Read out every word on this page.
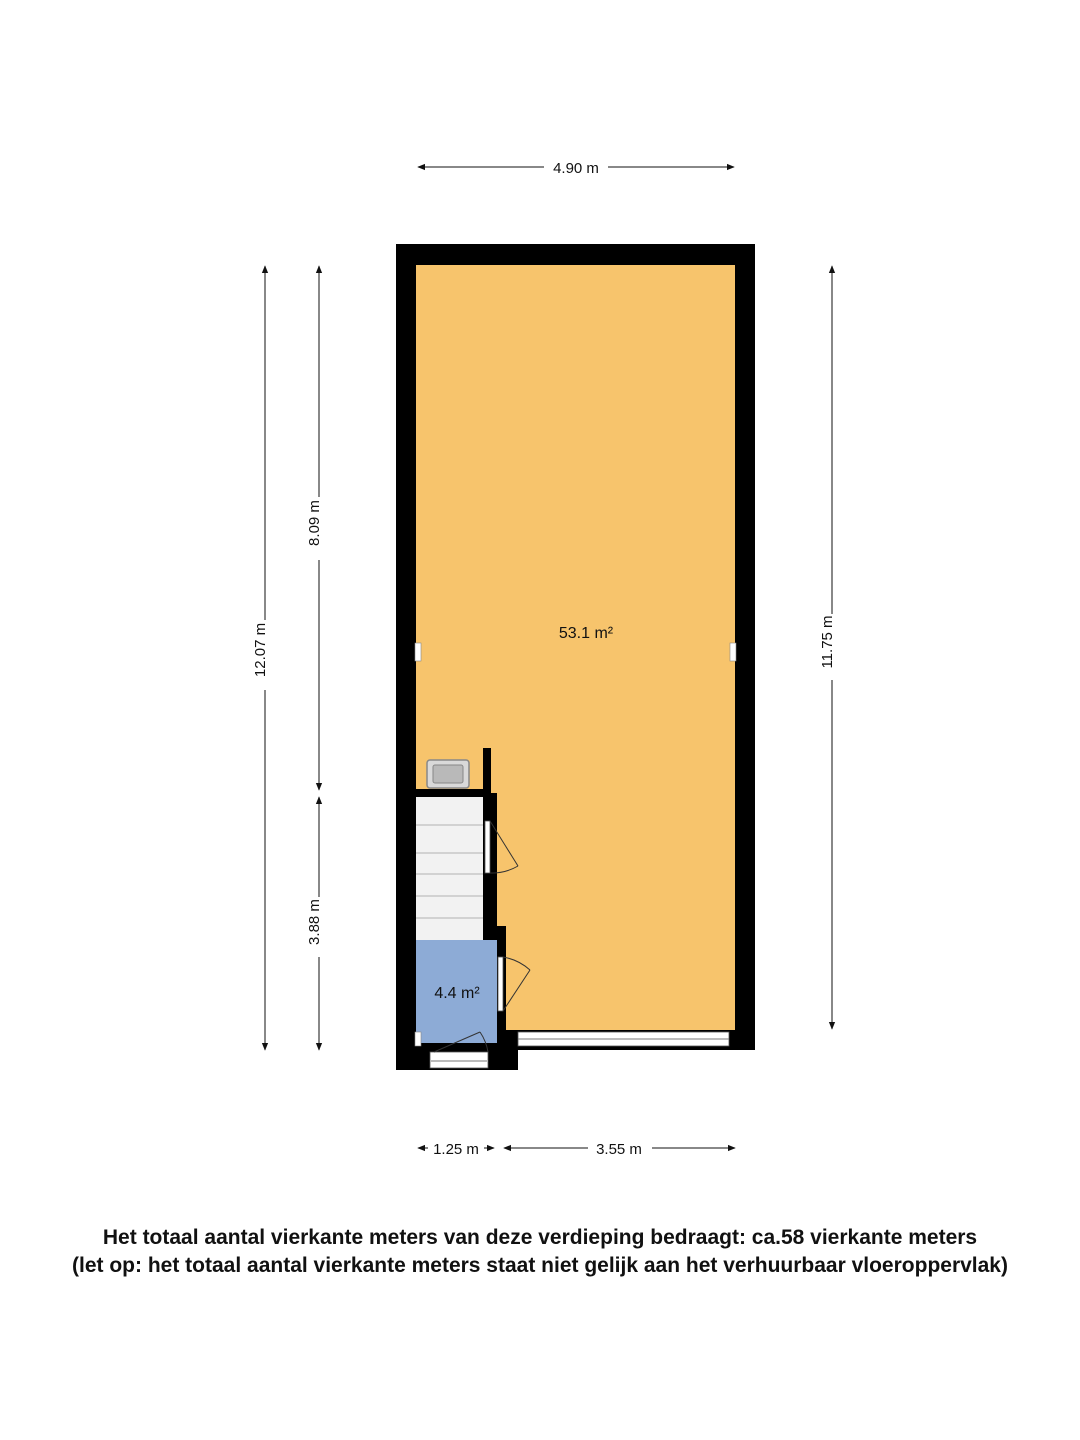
4.90 m
12.07 m
8.09 m
3.88 m
11.75 m
1.25 m	3.55 m
53.1 m²
4.4 m²
Het totaal aantal vierkante meters van deze verdieping bedraagt: ca.58 vierkante meters
(let op: het totaal aantal vierkante meters staat niet gelijk aan het verhuurbaar vloeroppervlak)
